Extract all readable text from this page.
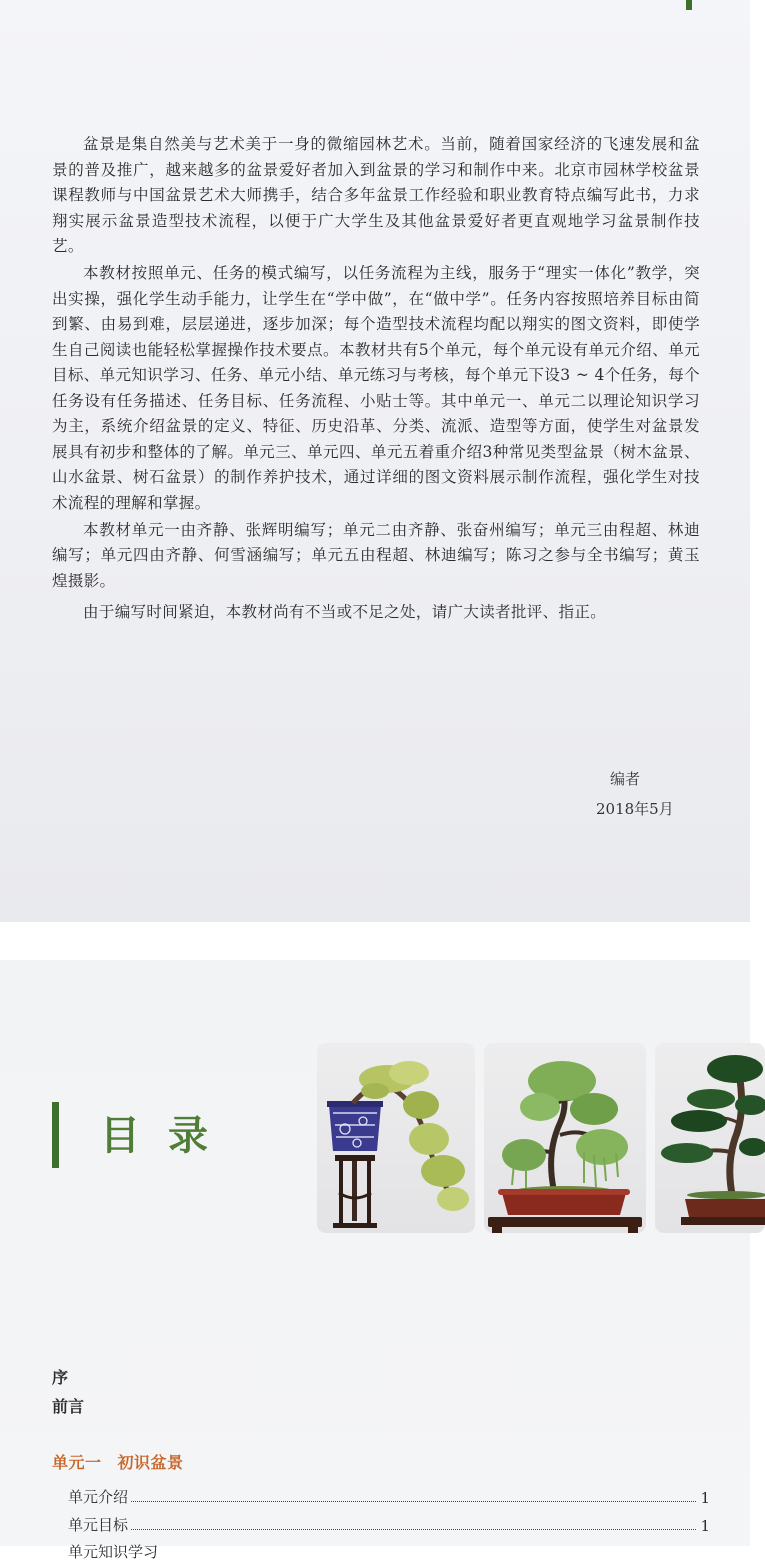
盆景是集自然美与艺术美于一身的微缩园林艺术。当前，随着国家经济的飞速发展和盆景的普及推广，越来越多的盆景爱好者加入到盆景的学习和制作中来。北京市园林学校盆景课程教师与中国盆景艺术大师携手，结合多年盆景工作经验和职业教育特点编写此书，力求翔实展示盆景造型技术流程，以便于广大学生及其他盆景爱好者更直观地学习盆景制作技艺。

本教材按照单元、任务的模式编写，以任务流程为主线，服务于“理实一体化”教学，突出实操，强化学生动手能力，让学生在“学中做”，在“做中学”。任务内容按照培养目标由简到繁、由易到难，层层递进，逐步加深；每个造型技术流程均配以翔实的图文资料，即使学生自己阅读也能轻松掌握操作技术要点。本教材共有5个单元，每个单元设有单元介绍、单元目标、单元知识学习、任务、单元小结、单元练习与考核，每个单元下设3 ~ 4个任务，每个任务设有任务描述、任务目标、任务流程、小贴士等。其中单元一、单元二以理论知识学习为主，系统介绍盆景的定义、特征、历史沿革、分类、流派、造型等方面，使学生对盆景发展具有初步和整体的了解。单元三、单元四、单元五着重介绍3种常见类型盆景（树木盆景、山水盆景、树石盆景）的制作养护技术，通过详细的图文资料展示制作流程，强化学生对技术流程的理解和掌握。

本教材单元一由齐静、张辉明编写；单元二由齐静、张奋州编写；单元三由程超、林迪编写；单元四由齐静、何雪涵编写；单元五由程超、林迪编写；陈习之参与全书编写；黄玉煌摄影。

由于编写时间紧迫，本教材尚有不当或不足之处，请广大读者批评、指正。

编者
2018年5月
目录
序
前言
单元一 初识盆景
单元介绍	1
单元目标	1
单元知识学习
